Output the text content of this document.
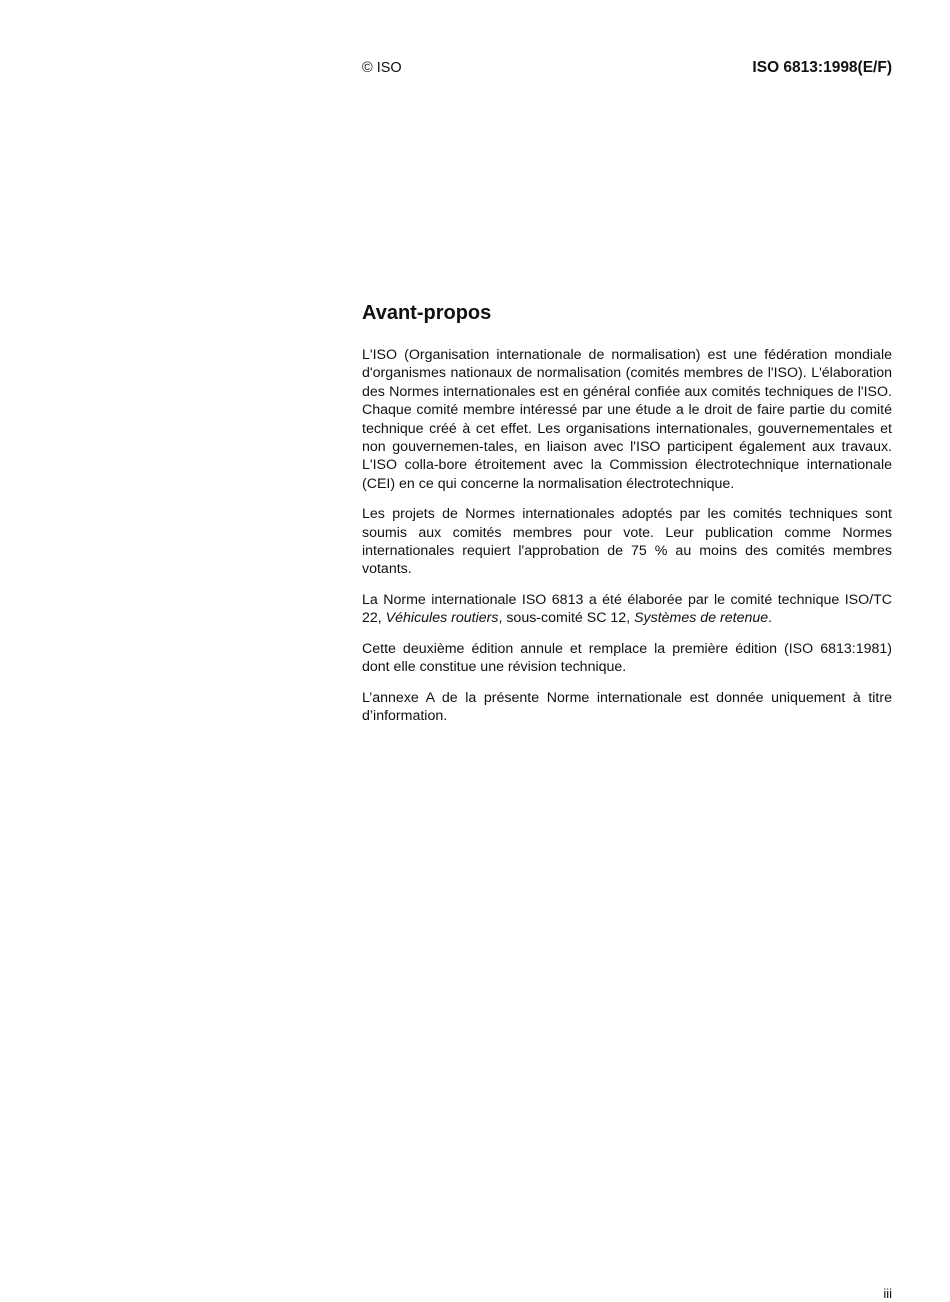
© ISO	ISO 6813:1998(E/F)
Avant-propos

L'ISO (Organisation internationale de normalisation) est une fédération mondiale d'organismes nationaux de normalisation (comités membres de l'ISO). L'élaboration des Normes internationales est en général confiée aux comités techniques de l'ISO. Chaque comité membre intéressé par une étude a le droit de faire partie du comité technique créé à cet effet. Les organisations internationales, gouvernementales et non gouvernemen-tales, en liaison avec l'ISO participent également aux travaux. L'ISO colla-bore étroitement avec la Commission électrotechnique internationale (CEI) en ce qui concerne la normalisation électrotechnique.

Les projets de Normes internationales adoptés par les comités techniques sont soumis aux comités membres pour vote. Leur publication comme Normes internationales requiert l'approbation de 75 % au moins des comités membres votants.

La Norme internationale ISO 6813 a été élaborée par le comité technique ISO/TC 22, Véhicules routiers, sous-comité SC 12, Systèmes de retenue.

Cette deuxième édition annule et remplace la première édition (ISO 6813:1981) dont elle constitue une révision technique.

L’annexe A de la présente Norme internationale est donnée uniquement à titre d’information.

iii
